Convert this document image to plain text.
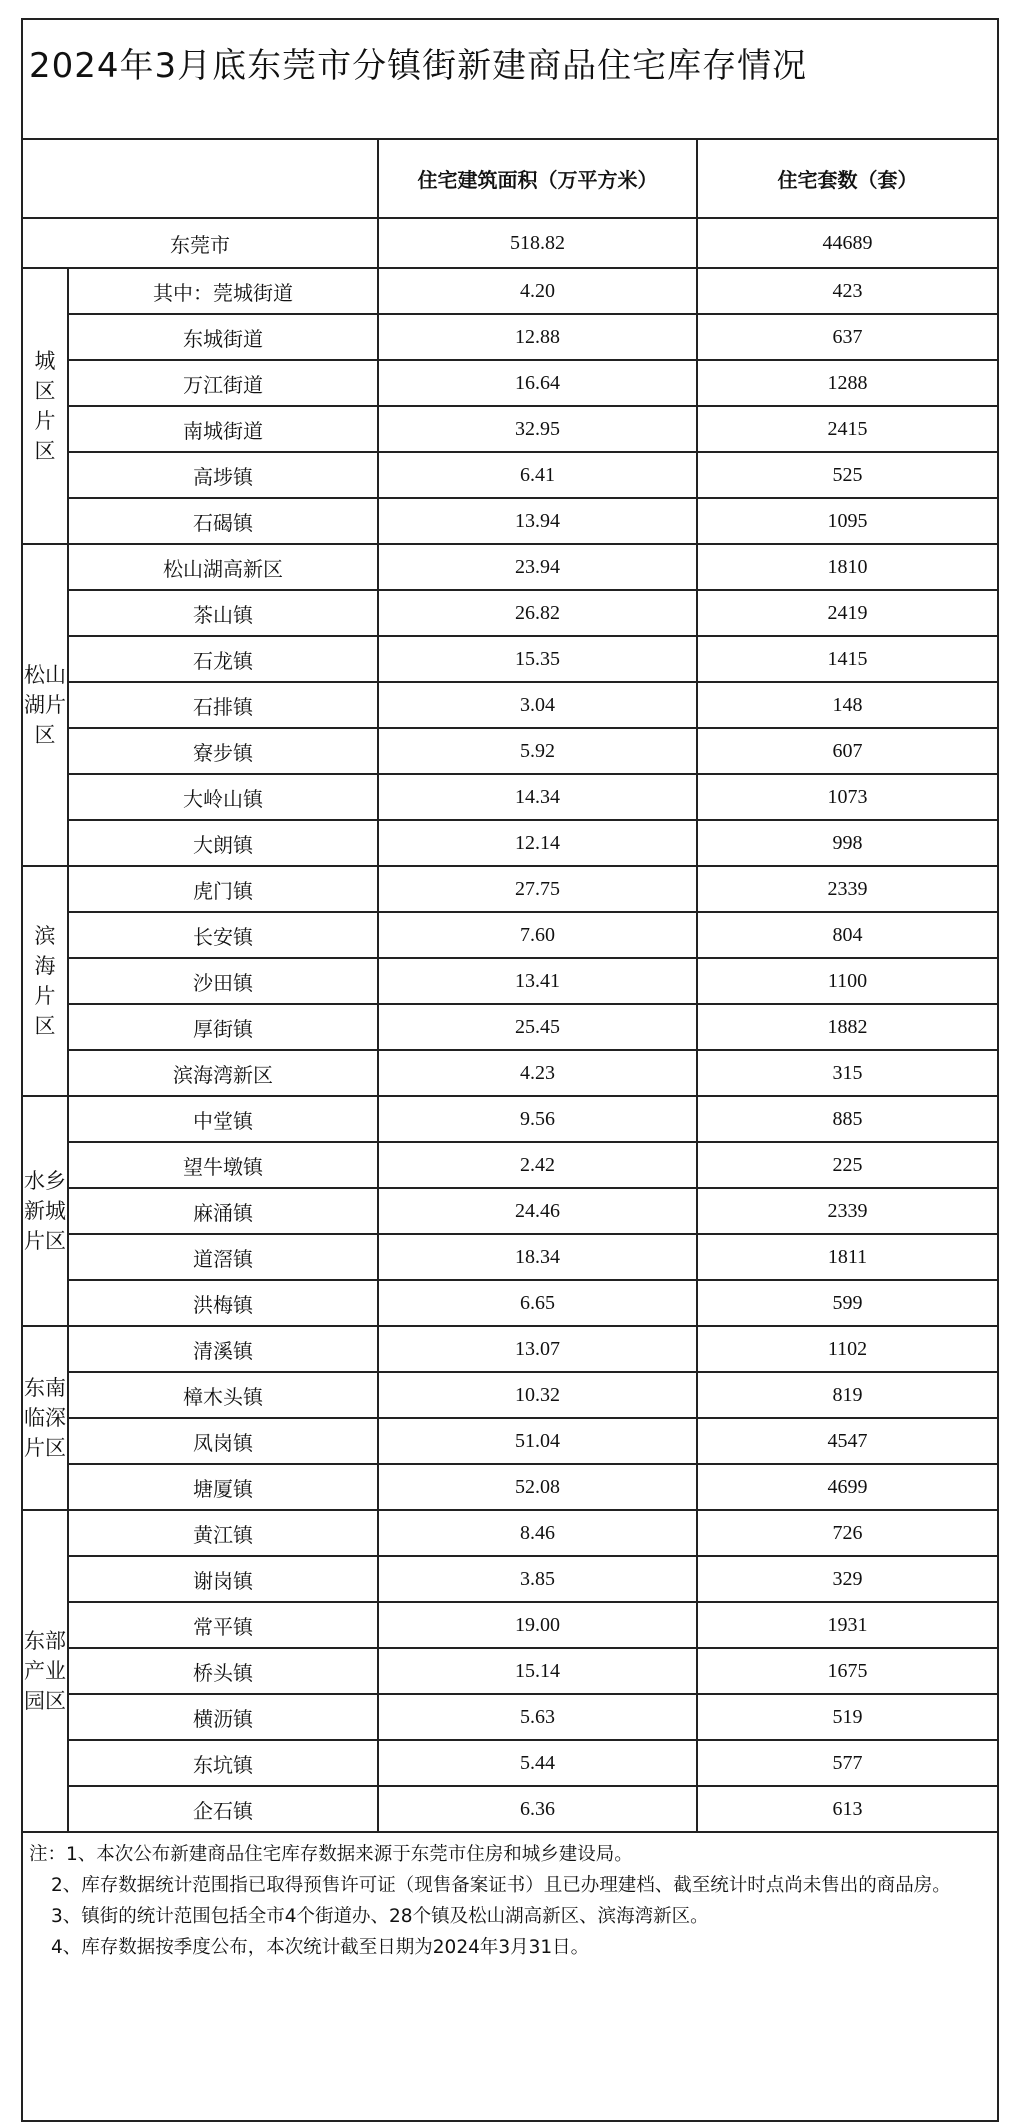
2024年3月底东莞市分镇街新建商品住宅库存情况
		住宅建筑面积（万平方米）	住宅套数（套）
东莞市		518.82	44689

城
区
片
区	其中：莞城街道	4.20	423
	东城街道	12.88	637
	万江街道	16.64	1288
	南城街道	32.95	2415
	高埗镇	6.41	525
	石碣镇	13.94	1095

松山
湖片
区	松山湖高新区	23.94	1810
	茶山镇	26.82	2419
	石龙镇	15.35	1415
	石排镇	3.04	148
	寮步镇	5.92	607
	大岭山镇	14.34	1073
	大朗镇	12.14	998

滨
海
片
区	虎门镇	27.75	2339
	长安镇	7.60	804
	沙田镇	13.41	1100
	厚街镇	25.45	1882
	滨海湾新区	4.23	315

水乡
新城
片区	中堂镇	9.56	885
	望牛墩镇	2.42	225
	麻涌镇	24.46	2339
	道滘镇	18.34	1811
	洪梅镇	6.65	599

东南
临深
片区	清溪镇	13.07	1102
	樟木头镇	10.32	819
	凤岗镇	51.04	4547
	塘厦镇	52.08	4699

东部
产业
园区	黄江镇	8.46	726
	谢岗镇	3.85	329
	常平镇	19.00	1931
	桥头镇	15.14	1675
	横沥镇	5.63	519
	东坑镇	5.44	577
	企石镇	6.36	613
注：1、本次公布新建商品住宅库存数据来源于东莞市住房和城乡建设局。
2、库存数据统计范围指已取得预售许可证（现售备案证书）且已办理建档、截至统计时点尚未售出的商品房。
3、镇街的统计范围包括全市4个街道办、28个镇及松山湖高新区、滨海湾新区。
4、库存数据按季度公布，本次统计截至日期为2024年3月31日。
